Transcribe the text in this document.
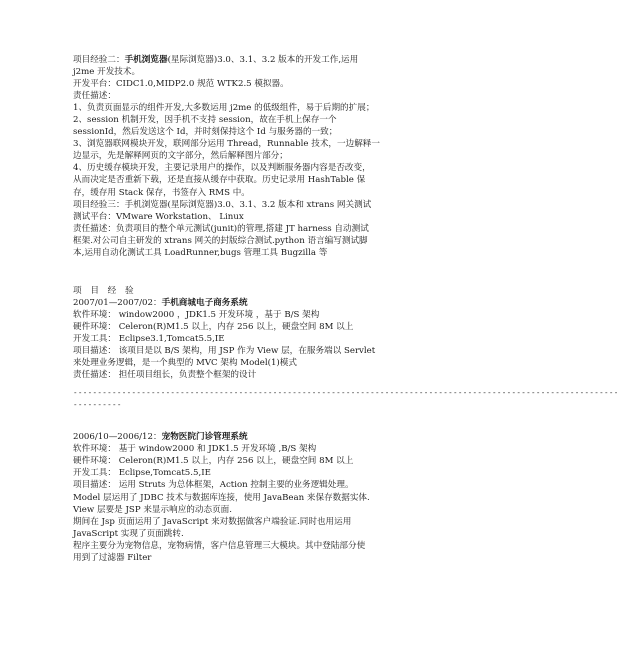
项目经验二：手机浏览器(星际浏览器)3.0、3.1、3.2 版本的开发工作,运用
j2me 开发技术。
开发平台：CIDC1.0,MIDP2.0 规范 WTK2.5 模拟器。
责任描述：
1、负责页面显示的组件开发,大多数运用 j2me 的低级组件，易于后期的扩展；
2、session 机制开发，因手机不支持 session，故在手机上保存一个
sessionId，然后发送这个 Id，并时刻保持这个 Id 与服务器的一致；
3、浏览器联网模块开发，联网部分运用 Thread，Runnable 技术，一边解释一
边显示，先是解释网页的文字部分，然后解释图片部分；
4、历史缓存模块开发，主要记录用户的操作，以及判断服务器内容是否改变，
从而决定是否重新下载，还是直接从缓存中获取。历史记录用 HashTable 保
存，缓存用 Stack 保存，书签存入 RMS 中。
项目经验三：手机浏览器(星际浏览器)3.0、3.1、3.2 版本和 xtrans 网关测试
测试平台：VMware Workstation、 Linux
责任描述：负责项目的整个单元测试(junit)的管理,搭建 JT harness 自动测试
框架.对公司自主研发的 xtrans 网关的封版综合测试.python 语言编写测试脚
本,运用自动化测试工具 LoadRunner,bugs 管理工具 Bugzilla 等
项 目 经 验
2007/01—2007/02：手机商城电子商务系统
软件环境： window2000 ，JDK1.5 开发环境 ，基于 B/S 架构
硬件环境： Celeron(R)M1.5 以上，内存 256 以上，硬盘空间 8M 以上
开发工具： Eclipse3.1,Tomcat5.5,IE
项目描述： 该项目是以 B/S 架构，用 JSP 作为 View 层，在服务端以 Servlet
来处理业务逻辑，是一个典型的 MVC 架构 Model(1)模式
责任描述： 担任项目组长，负责整个框架的设计
----------------------------------------------------------------------------------------------------------------
----------
2006/10—2006/12：宠物医院门诊管理系统
软件环境： 基于 window2000 和 JDK1.5 开发环境 ,B/S 架构
硬件环境： Celeron(R)M1.5 以上，内存 256 以上，硬盘空间 8M 以上
开发工具： Eclipse,Tomcat5.5,IE
项目描述： 运用 Struts 为总体框架，Action 控制主要的业务逻辑处理。
Model 层运用了 JDBC 技术与数据库连接，使用 JavaBean 来保存数据实体.
View 层要是 JSP 来显示响应的动态页面.
期间在 Jsp 页面运用了 JavaScript 来对数据做客户端验证.同时也用运用
JavaScript 实现了页面跳转.
程序主要分为宠物信息，宠物病情，客户信息管理三大模块。其中登陆部分使
用到了过滤器 Filter
